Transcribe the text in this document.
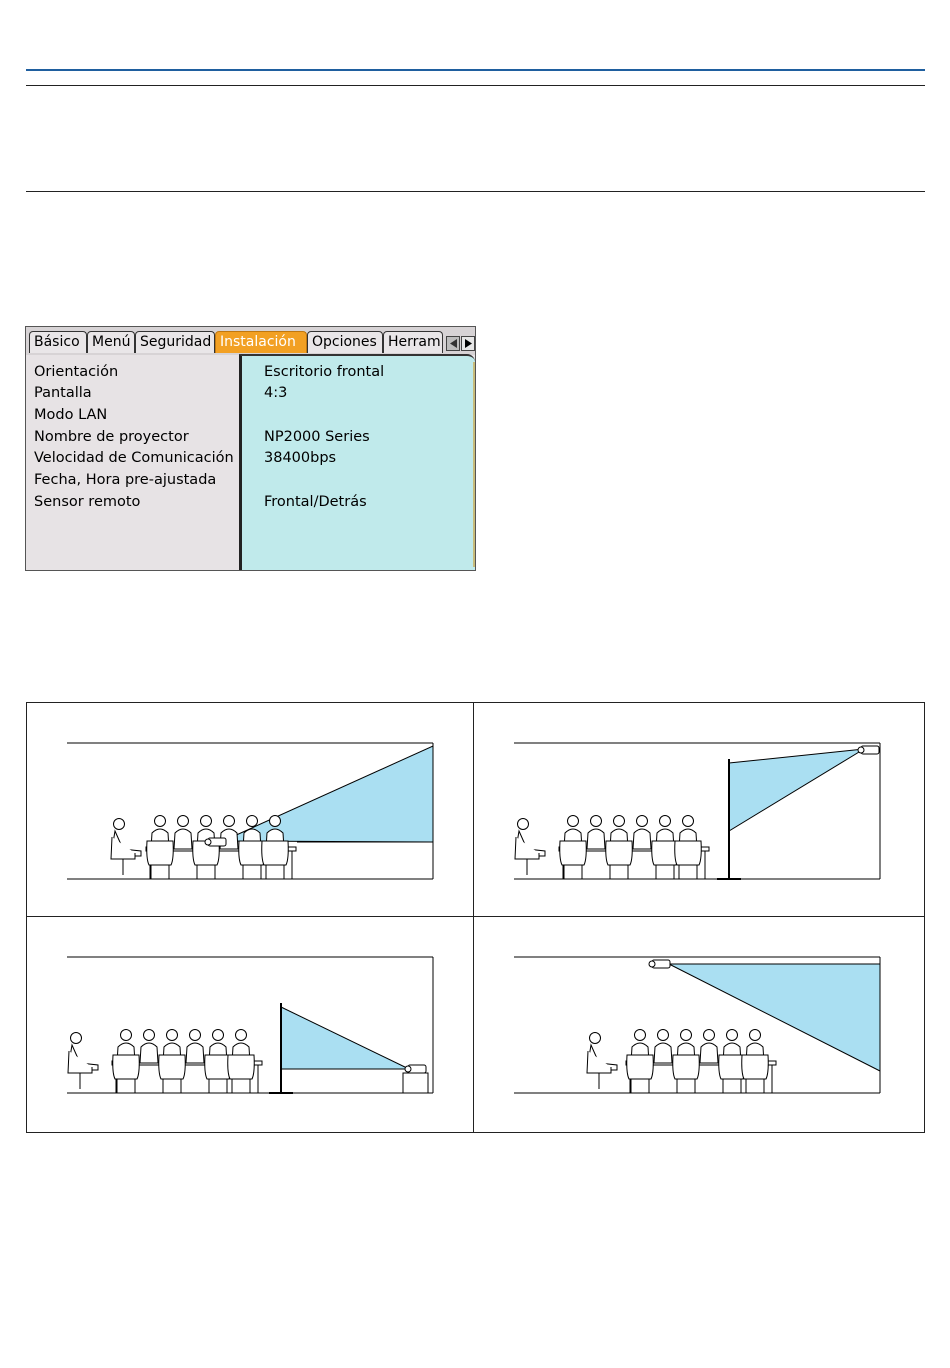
Básico Menú Seguridad Instalación	Opciones Herram
Orientación
Pantalla
Modo LAN
Nombre de proyector
Velocidad de Comunicación
Fecha, Hora pre-ajustada
Sensor remoto
Escritorio frontal
4:3
NP2000 Series
38400bps
Frontal/Detrás
